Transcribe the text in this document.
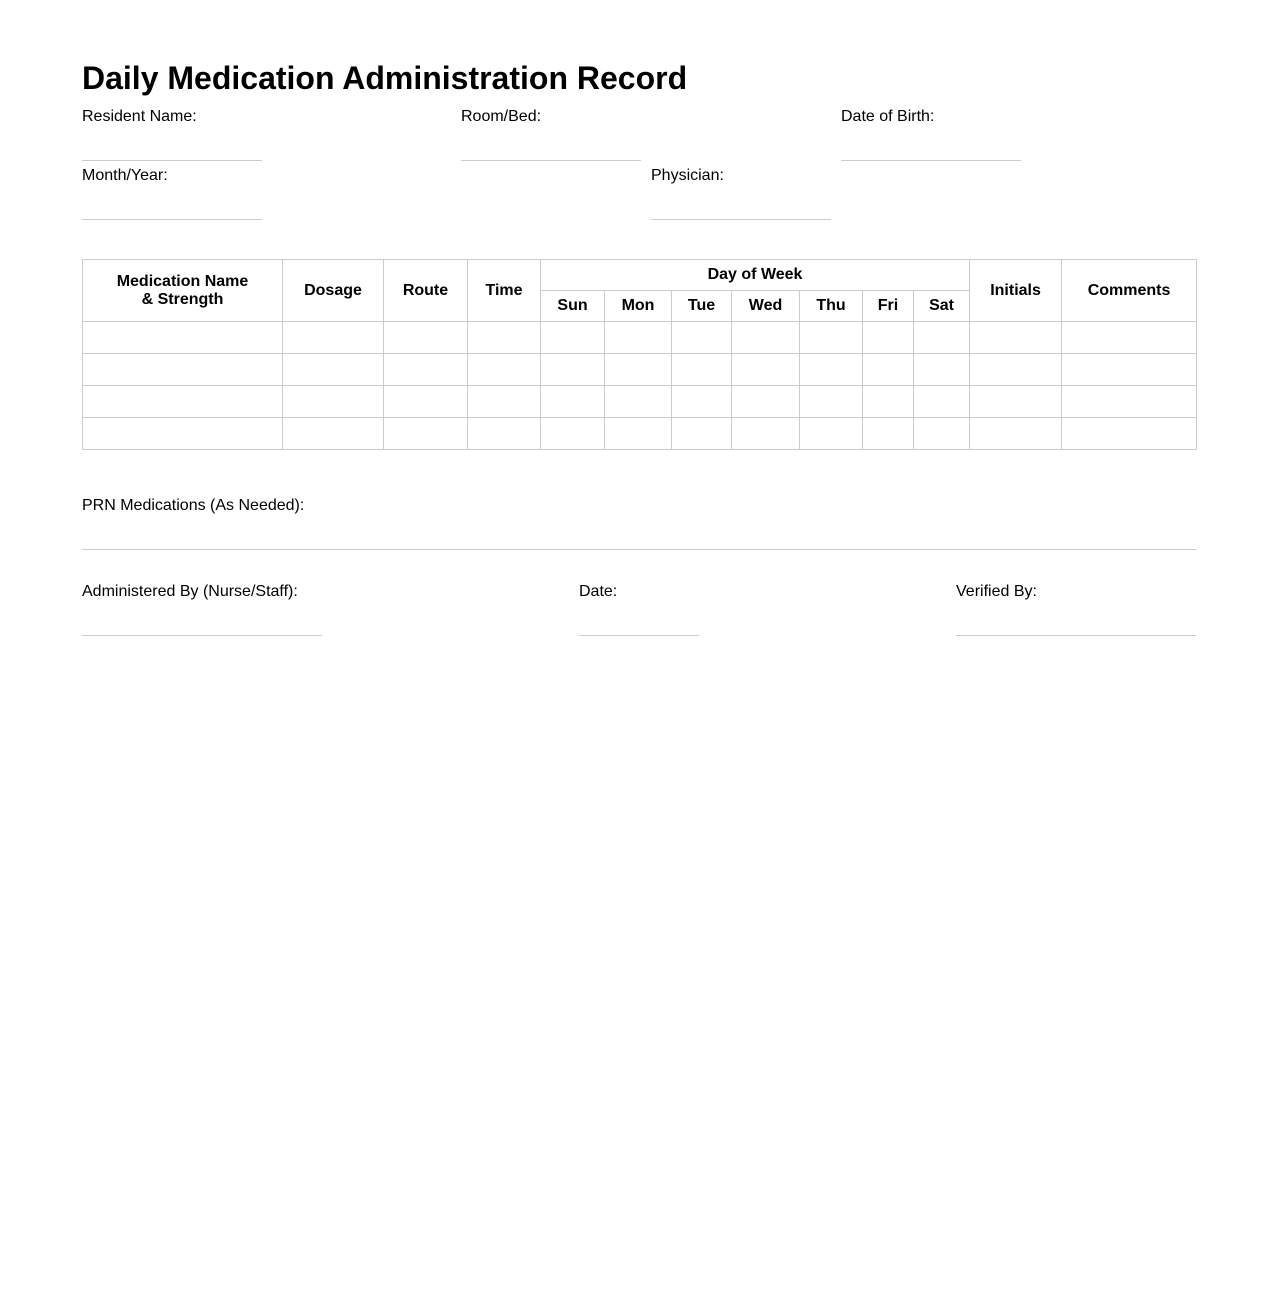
Daily Medication Administration Record
Resident Name:	Room/Bed:	Date of Birth:
Month/Year:	Physician:
Medication Name
& Strength	Dosage	Route	Time	Day of Week							Initials	Comments
				Sun	Mon	Tue	Wed	Thu	Fri	Sat		

PRN Medications (As Needed):
Administered By (Nurse/Staff):	Date:	Verified By:
